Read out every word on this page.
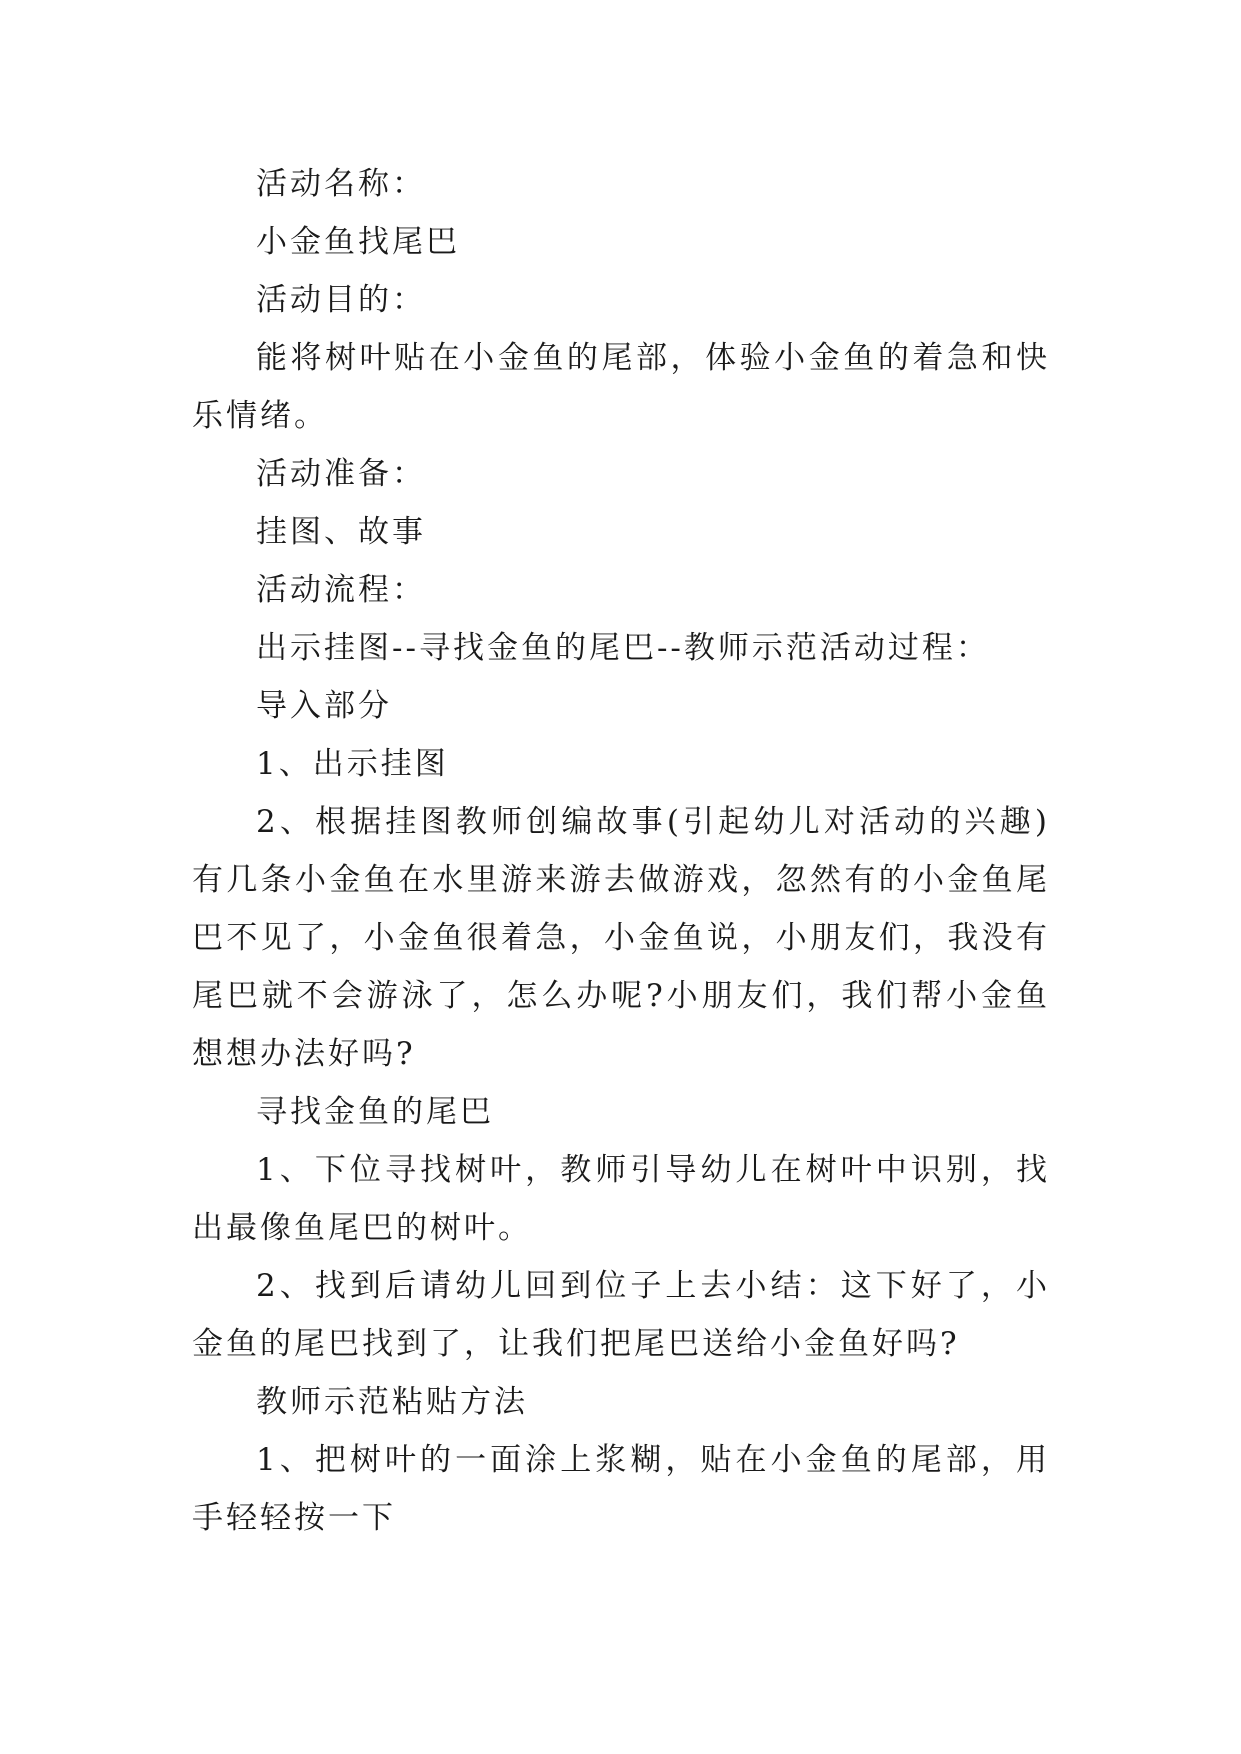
活动名称：

小金鱼找尾巴

活动目的：

能将树叶贴在小金鱼的尾部，体验小金鱼的着急和快乐情绪。

活动准备：

挂图、故事

活动流程：

出示挂图--寻找金鱼的尾巴--教师示范活动过程：

导入部分

1、出示挂图

2、根据挂图教师创编故事(引起幼儿对活动的兴趣)有几条小金鱼在水里游来游去做游戏，忽然有的小金鱼尾巴不见了，小金鱼很着急，小金鱼说，小朋友们，我没有尾巴就不会游泳了，怎么办呢?小朋友们，我们帮小金鱼想想办法好吗?

寻找金鱼的尾巴

1、下位寻找树叶，教师引导幼儿在树叶中识别，找出最像鱼尾巴的树叶。

2、找到后请幼儿回到位子上去小结：这下好了，小金鱼的尾巴找到了，让我们把尾巴送给小金鱼好吗?

教师示范粘贴方法

1、把树叶的一面涂上浆糊，贴在小金鱼的尾部，用手轻轻按一下
